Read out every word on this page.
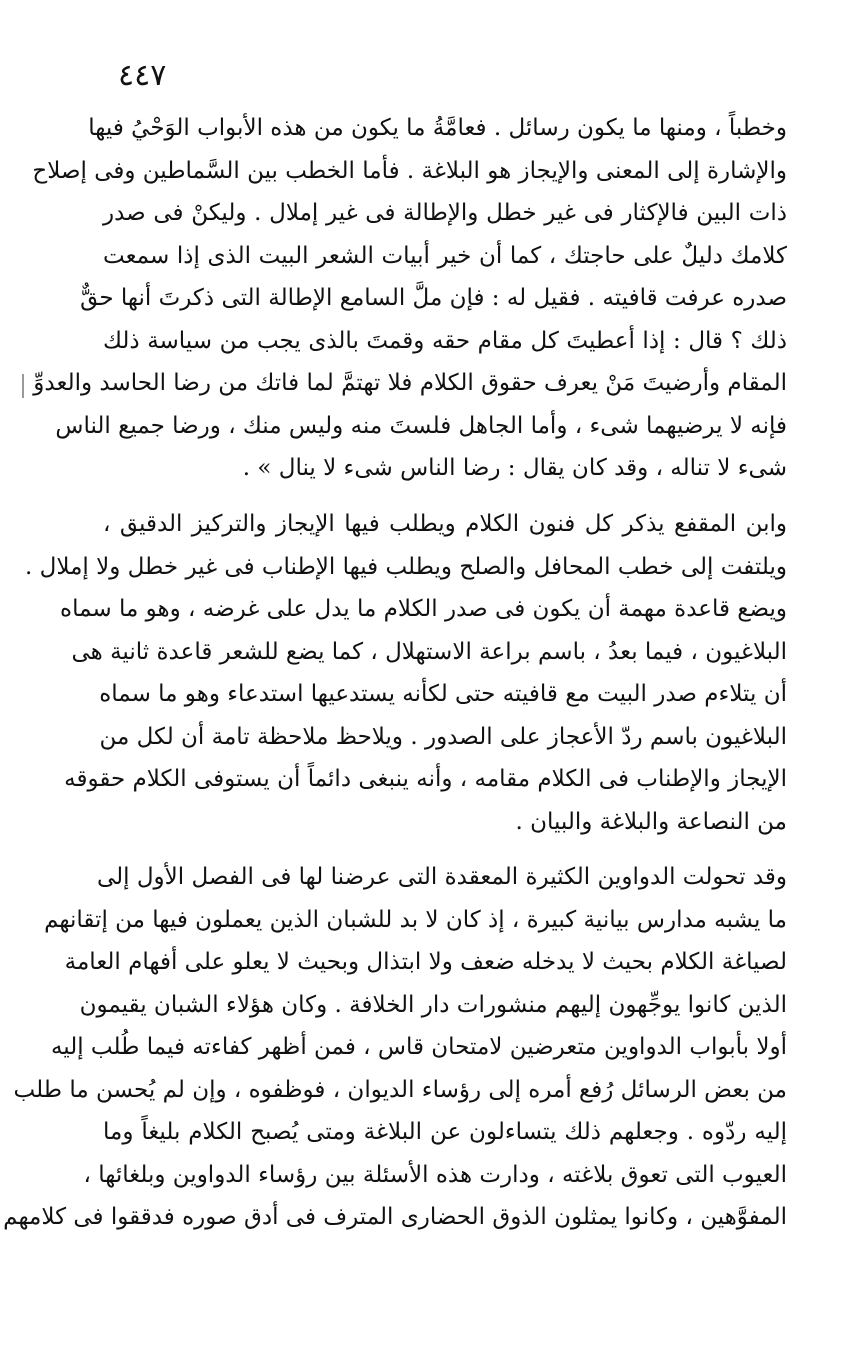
٤٤٧
وخطباً ، ومنها ما يكون رسائل . فعامَّةُ ما يكون من هذه الأبواب الوَحْيُ فيها
والإشارة إلى المعنى والإيجاز هو البلاغة . فأما الخطب بين السَّماطين وفى إصلاح
ذات البين فالإكثار فى غير خطل والإطالة فى غير إملال . وليكنْ فى صدر
كلامك دليلٌ على حاجتك ، كما أن خير أبيات الشعر البيت الذى إذا سمعت
صدره عرفت قافيته . فقيل له : فإن ملَّ السامع الإطالة التى ذكرتَ أنها حقٌّ
ذلك ؟ قال : إذا أعطيتَ كل مقام حقه وقمتَ بالذى يجب من سياسة ذلك
المقام وأرضيتَ مَنْ يعرف حقوق الكلام فلا تهتمَّ لما فاتك من رضا الحاسد والعدوِّ
فإنه لا يرضيهما شىء ، وأما الجاهل فلستَ منه وليس منك ، ورضا جميع الناس
شىء لا تناله ، وقد كان يقال : رضا الناس شىء لا ينال » .
وابن المقفع يذكر كل فنون الكلام ويطلب فيها الإيجاز والتركيز الدقيق ،
ويلتفت إلى خطب المحافل والصلح ويطلب فيها الإطناب فى غير خطل ولا إملال .
ويضع قاعدة مهمة أن يكون فى صدر الكلام ما يدل على غرضه ، وهو ما سماه
البلاغيون ، فيما بعدُ ، باسم براعة الاستهلال ، كما يضع للشعر قاعدة ثانية هى
أن يتلاءم صدر البيت مع قافيته حتى لكأنه يستدعيها استدعاء وهو ما سماه
البلاغيون باسم ردّ الأعجاز على الصدور . ويلاحظ ملاحظة تامة أن لكل من
الإيجاز والإطناب فى الكلام مقامه ، وأنه ينبغى دائماً أن يستوفى الكلام حقوقه
من النصاعة والبلاغة والبيان .
وقد تحولت الدواوين الكثيرة المعقدة التى عرضنا لها فى الفصل الأول إلى
ما يشبه مدارس بيانية كبيرة ، إذ كان لا بد للشبان الذين يعملون فيها من إتقانهم
لصياغة الكلام بحيث لا يدخله ضعف ولا ابتذال وبحيث لا يعلو على أفهام العامة
الذين كانوا يوجِّهون إليهم منشورات دار الخلافة . وكان هؤلاء الشبان يقيمون
أولا بأبواب الدواوين متعرضين لامتحان قاس ، فمن أظهر كفاءته فيما طُلب إليه
من بعض الرسائل رُفع أمره إلى رؤساء الديوان ، فوظفوه ، وإن لم يُحسن ما طلب
إليه ردّوه . وجعلهم ذلك يتساءلون عن البلاغة ومتى يُصبح الكلام بليغاً وما
العيوب التى تعوق بلاغته ، ودارت هذه الأسئلة بين رؤساء الدواوين وبلغائها ،
المفوَّهين ، وكانوا يمثلون الذوق الحضارى المترف فى أدق صوره فدققوا فى كلامهم
